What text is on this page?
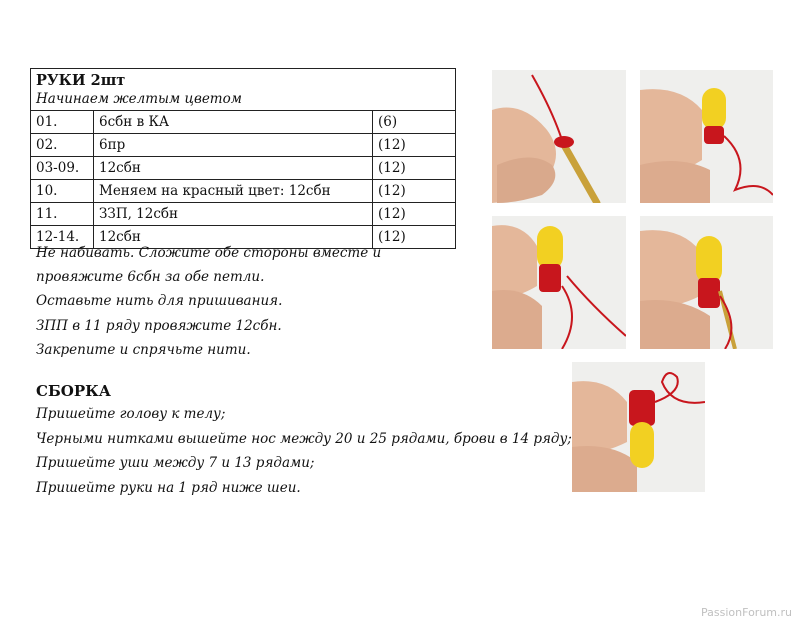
РУКИ 2шт
Начинаем желтым цветом		

01.	6сбн в КА	(6)
02.	6пр	(12)
03-09.	12сбн	(12)
10.	Меняем на красный цвет: 12сбн	(12)
11.	ЗЗП, 12сбн	(12)
12-14.	12сбн	(12)
Не набивать. Сложите обе стороны вместе и
провяжите 6сбн за обе петли.
Оставьте нить для пришивания.
ЗПП в 11 ряду провяжите 12сбн.
Закрепите и спрячьте нити.
СБОРКА
Пришейте голову к телу;
Черными нитками вышейте нос между 20 и 25 рядами, брови в 14 ряду;
Пришейте уши между 7 и 13 рядами;
Пришейте руки на 1 ряд ниже шеи.
PassionForum.ru
